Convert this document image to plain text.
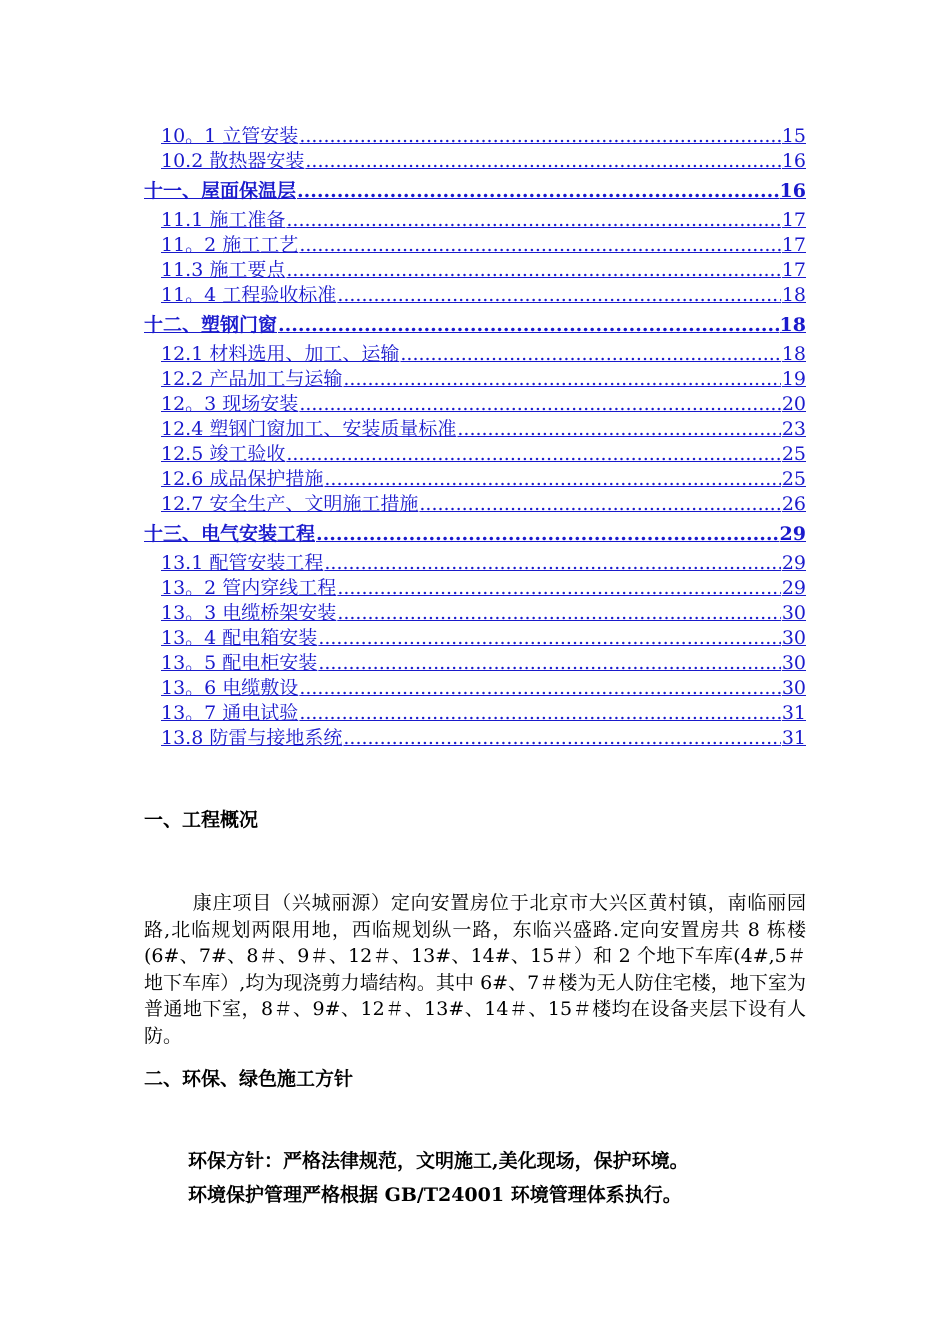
10。1 立管安装 .....	15
10.2 散热器安装 .....	16
十一、屋面保温层 .....	16
11.1 施工准备 .....	17
11。2 施工工艺 .....	17
11.3 施工要点 .....	17
11。4 工程验收标准 .....	18
十二、塑钢门窗 .....	18
12.1 材料选用、加工、运输 .....	18
12.2 产品加工与运输 .....	19
12。3 现场安装 .....	20
12.4 塑钢门窗加工、安装质量标准 .....	23
12.5 竣工验收 .....	25
12.6 成品保护措施 .....	25
12.7 安全生产、文明施工措施 .....	26
十三、电气安装工程 .....	29
13.1 配管安装工程 .....	29
13。2 管内穿线工程 .....	29
13。3 电缆桥架安装 .....	30
13。4 配电箱安装 .....	30
13。5 配电柜安装 .....	30
13。6 电缆敷设 .....	30
13。7 通电试验 .....	31
13.8 防雷与接地系统 .....	31
一、工程概况
康庄项目（兴城丽源）定向安置房位于北京市大兴区黄村镇，南临丽园路,北临规划两限用地，西临规划纵一路，东临兴盛路.定向安置房共 8 栋楼(6#、7#、8＃、9＃、12＃、13#、14#、15＃）和 2 个地下车库(4#,5＃地下车库）,均为现浇剪力墙结构。其中 6#、7＃楼为无人防住宅楼，地下室为普通地下室，8＃、9#、12＃、13#、14＃、15＃楼均在设备夹层下设有人防。
二、环保、绿色施工方针
环保方针：严格法律规范，文明施工,美化现场，保护环境。
环境保护管理严格根据 GB/T24001 环境管理体系执行。
